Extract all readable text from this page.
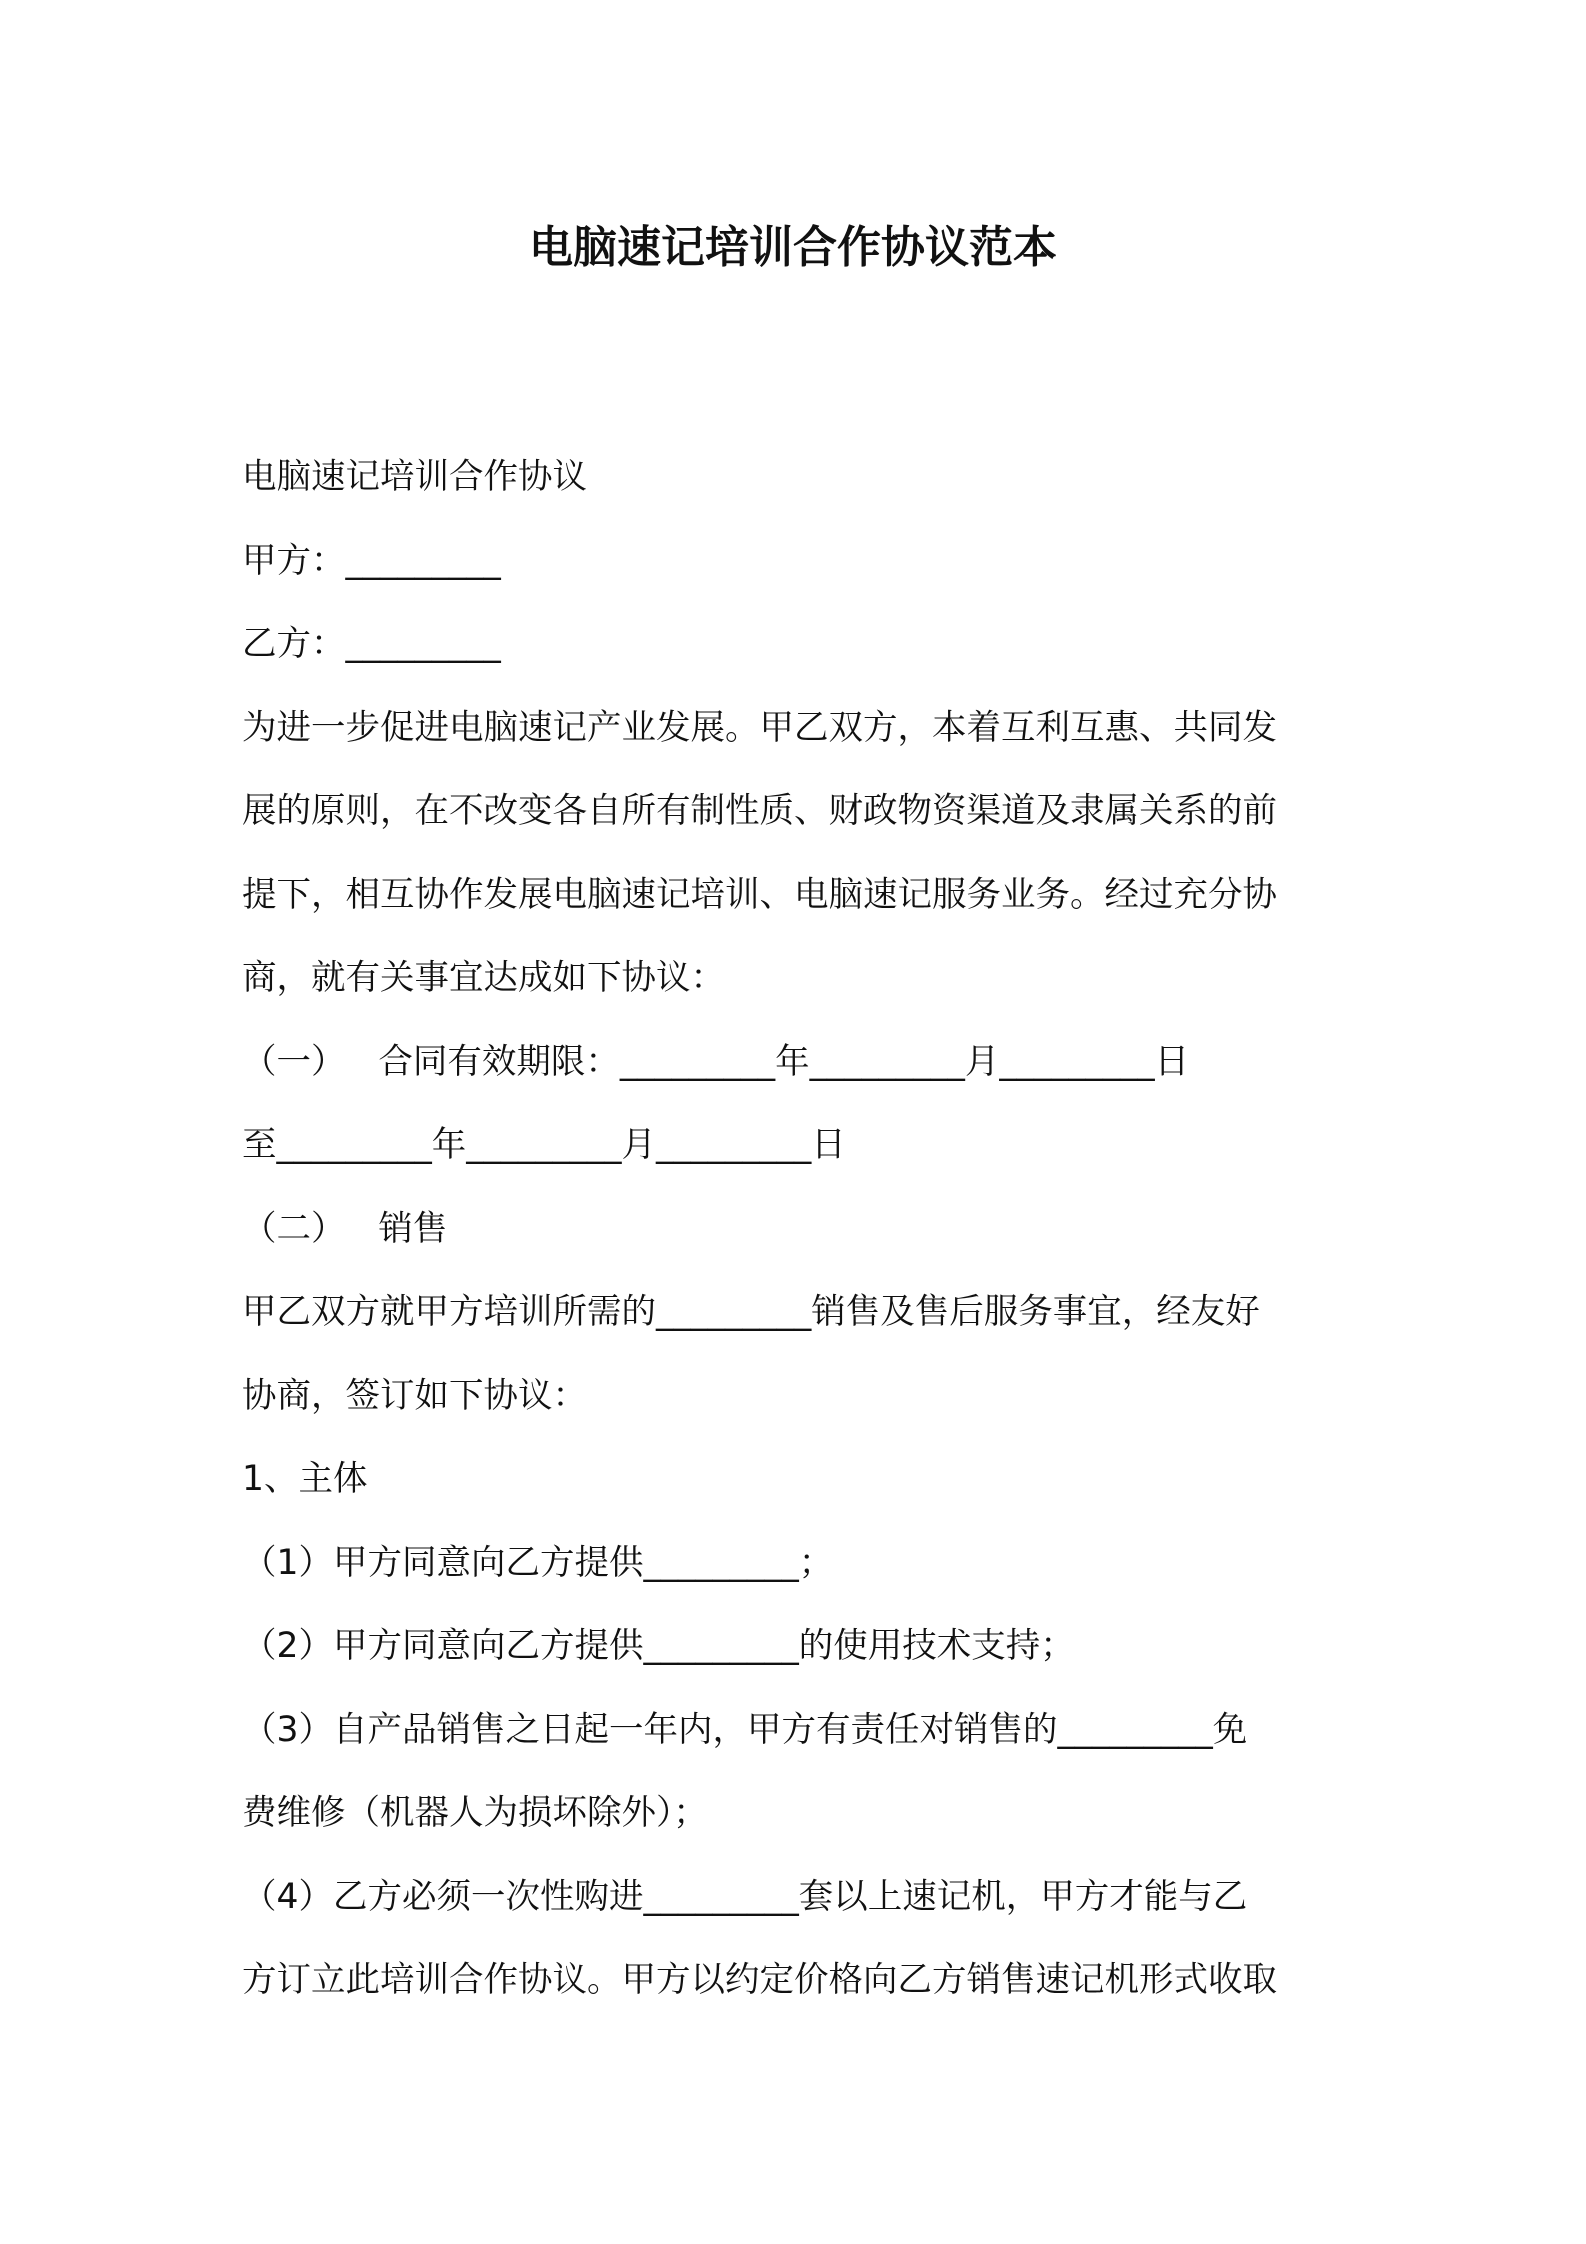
电脑速记培训合作协议范本
电脑速记培训合作协议
甲方：_________
乙方：_________
为进一步促进电脑速记产业发展。甲乙双方，本着互利互惠、共同发
展的原则，在不改变各自所有制性质、财政物资渠道及隶属关系的前
提下，相互协作发展电脑速记培训、电脑速记服务业务。经过充分协
商，就有关事宜达成如下协议：
（一）   合同有效期限：_________年_________月_________日
至_________年_________月_________日
（二）   销售
甲乙双方就甲方培训所需的_________销售及售后服务事宜，经友好
协商，签订如下协议：
1、主体
（1）甲方同意向乙方提供_________；
（2）甲方同意向乙方提供_________的使用技术支持；
（3）自产品销售之日起一年内，甲方有责任对销售的_________免
费维修（机器人为损坏除外）；
（4）乙方必须一次性购进_________套以上速记机，甲方才能与乙
方订立此培训合作协议。甲方以约定价格向乙方销售速记机形式收取
